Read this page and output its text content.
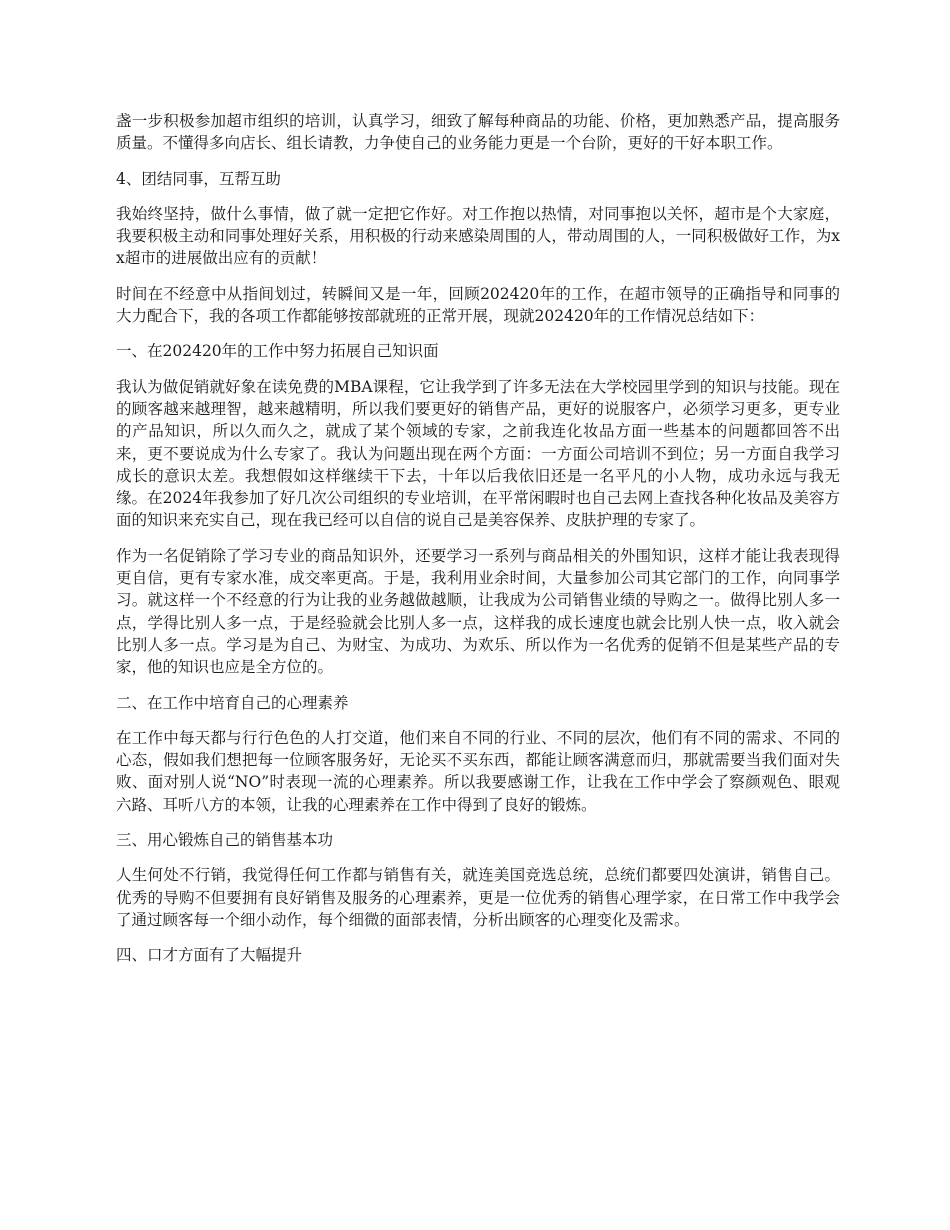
盏一步积极参加超市组织的培训，认真学习，细致了解每种商品的功能、价格，更加熟悉产品，提高服务质量。不懂得多向店长、组长请教，力争使自己的业务能力更是一个台阶，更好的干好本职工作。

4、团结同事，互帮互助

我始终坚持，做什么事情，做了就一定把它作好。对工作抱以热情，对同事抱以关怀，超市是个大家庭，我要积极主动和同事处理好关系，用积极的行动来感染周围的人，带动周围的人，一同积极做好工作，为xx超市的进展做出应有的贡献！

时间在不经意中从指间划过，转瞬间又是一年，回顾202420年的工作，在超市领导的正确指导和同事的大力配合下，我的各项工作都能够按部就班的正常开展，现就202420年的工作情况总结如下：

一、在202420年的工作中努力拓展自己知识面

我认为做促销就好象在读免费的MBA课程，它让我学到了许多无法在大学校园里学到的知识与技能。现在的顾客越来越理智，越来越精明，所以我们要更好的销售产品，更好的说服客户，必须学习更多，更专业的产品知识，所以久而久之，就成了某个领域的专家，之前我连化妆品方面一些基本的问题都回答不出来，更不要说成为什么专家了。我认为问题出现在两个方面：一方面公司培训不到位；另一方面自我学习成长的意识太差。我想假如这样继续干下去，十年以后我依旧还是一名平凡的小人物，成功永远与我无缘。在2024年我参加了好几次公司组织的专业培训，在平常闲暇时也自己去网上查找各种化妆品及美容方面的知识来充实自己，现在我已经可以自信的说自己是美容保养、皮肤护理的专家了。

作为一名促销除了学习专业的商品知识外，还要学习一系列与商品相关的外围知识，这样才能让我表现得更自信，更有专家水准，成交率更高。于是，我利用业余时间，大量参加公司其它部门的工作，向同事学习。就这样一个不经意的行为让我的业务越做越顺，让我成为公司销售业绩的导购之一。做得比别人多一点，学得比别人多一点，于是经验就会比别人多一点，这样我的成长速度也就会比别人快一点，收入就会比别人多一点。学习是为自己、为财宝、为成功、为欢乐、所以作为一名优秀的促销不但是某些产品的专家，他的知识也应是全方位的。

二、在工作中培育自己的心理素养

在工作中每天都与行行色色的人打交道，他们来自不同的行业、不同的层次，他们有不同的需求、不同的心态，假如我们想把每一位顾客服务好，无论买不买东西，都能让顾客满意而归，那就需要当我们面对失败、面对别人说“NO”时表现一流的心理素养。所以我要感谢工作，让我在工作中学会了察颜观色、眼观六路、耳听八方的本领，让我的心理素养在工作中得到了良好的锻炼。

三、用心锻炼自己的销售基本功

人生何处不行销，我觉得任何工作都与销售有关，就连美国竞选总统，总统们都要四处演讲，销售自己。优秀的导购不但要拥有良好销售及服务的心理素养，更是一位优秀的销售心理学家，在日常工作中我学会了通过顾客每一个细小动作，每个细微的面部表情，分析出顾客的心理变化及需求。

四、口才方面有了大幅提升
